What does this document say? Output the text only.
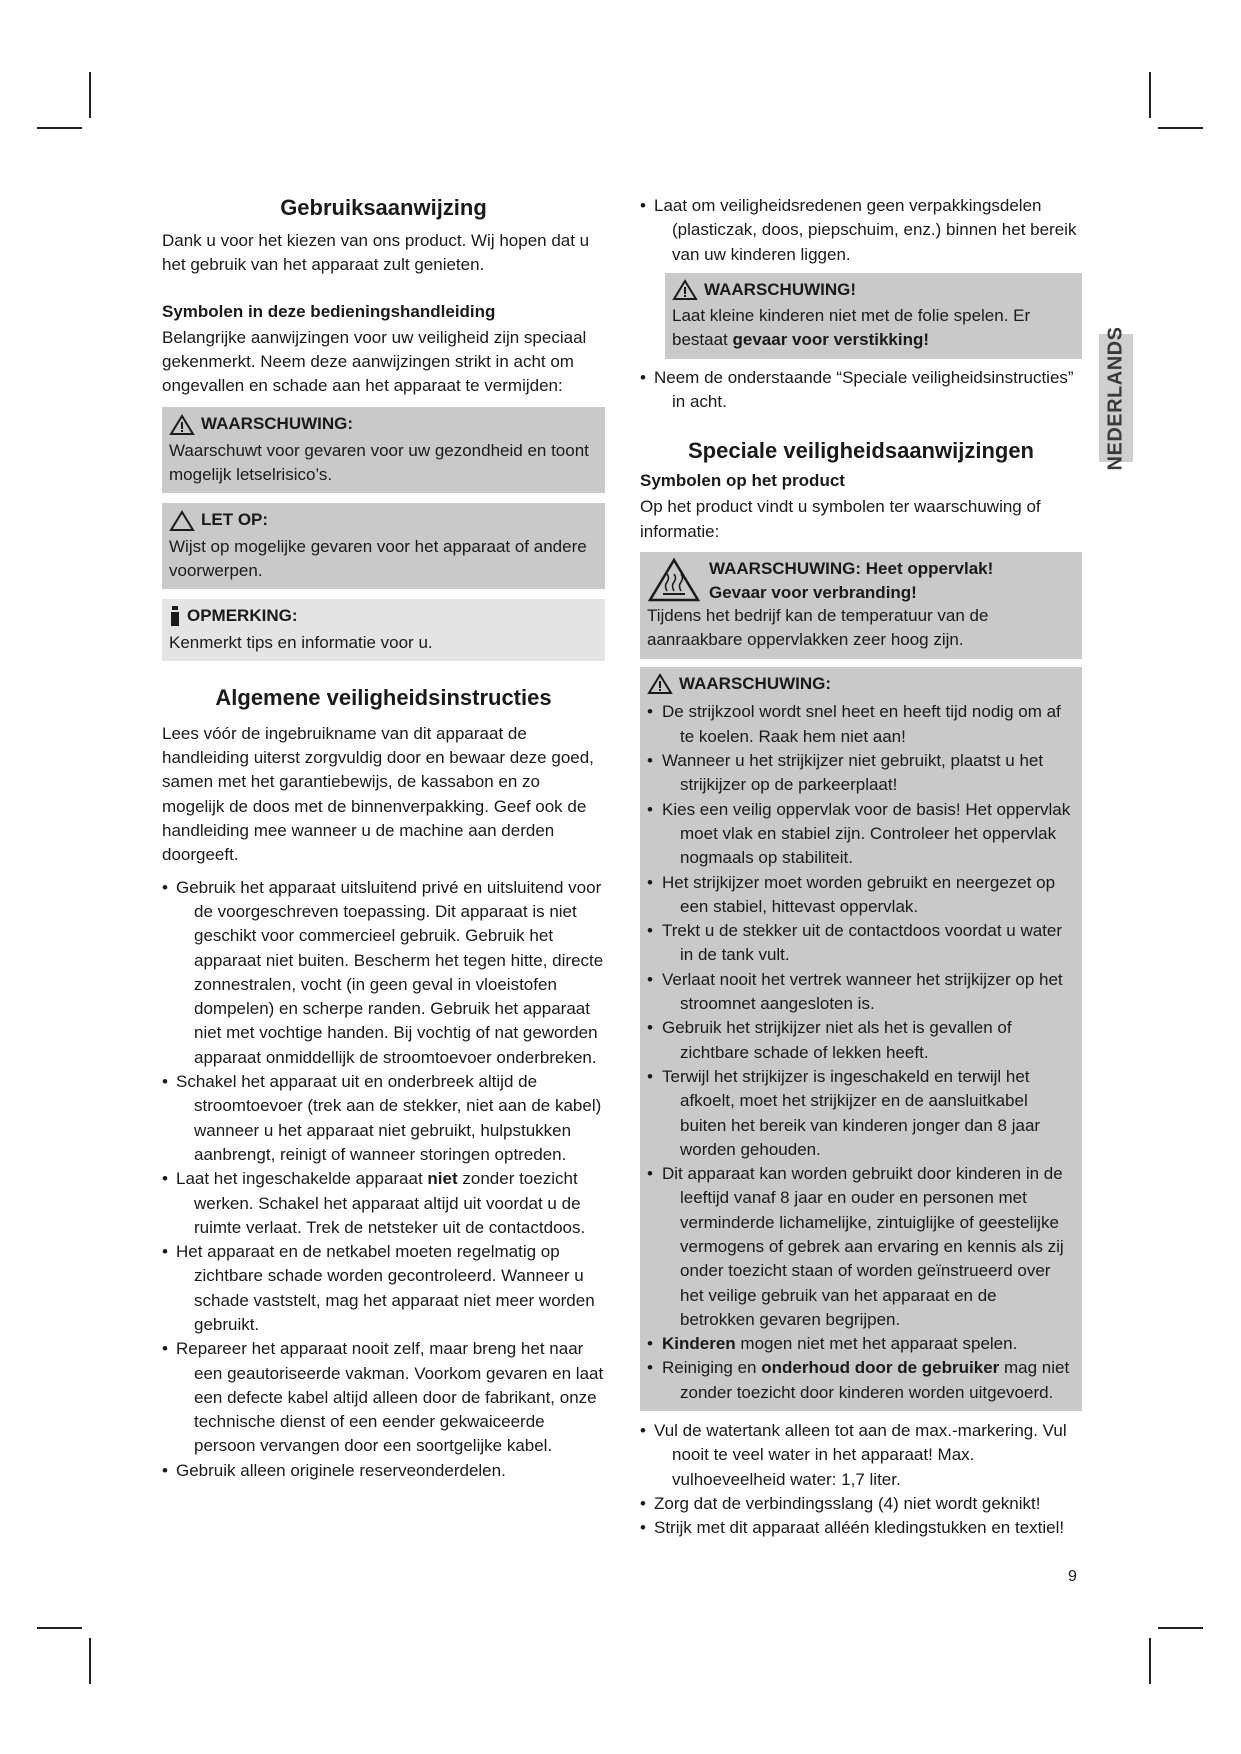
Gebruiksaanwijzing

Dank u voor het kiezen van ons product. Wij hopen dat u het gebruik van het apparaat zult genieten.

Symbolen in deze bedieningshandleiding

Belangrijke aanwijzingen voor uw veiligheid zijn speciaal gekenmerkt. Neem deze aanwijzingen strikt in acht om ongevallen en schade aan het apparaat te vermijden:

WAARSCHUWING:

Waarschuwt voor gevaren voor uw gezondheid en toont mogelijk letselrisico’s.

LET OP:

Wijst op mogelijke gevaren voor het apparaat of andere voorwerpen.

OPMERKING:

Kenmerkt tips en informatie voor u.

Algemene veiligheidsinstructies

Lees vóór de ingebruikname van dit apparaat de handleiding uiterst zorgvuldig door en bewaar deze goed, samen met het garantiebewijs, de kassabon en zo mogelijk de doos met de binnenverpakking. Geef ook de handleiding mee wanneer u de machine aan derden doorgeeft.

• Gebruik het apparaat uitsluitend privé en uitsluitend voor de voorgeschreven toepassing. Dit apparaat is niet geschikt voor commercieel gebruik. Gebruik het apparaat niet buiten. Bescherm het tegen hitte, directe zonnestralen, vocht (in geen geval in vloeistofen dompelen) en scherpe randen. Gebruik het apparaat niet met vochtige handen. Bij vochtig of nat geworden apparaat onmiddellijk de stroomtoevoer onderbreken.
• Schakel het apparaat uit en onderbreek altijd de stroomtoevoer (trek aan de stekker, niet aan de kabel) wanneer u het apparaat niet gebruikt, hulpstukken aanbrengt, reinigt of wanneer storingen optreden.
• Laat het ingeschakelde apparaat niet zonder toezicht werken. Schakel het apparaat altijd uit voordat u de ruimte verlaat. Trek de netsteker uit de contactdoos.
• Het apparaat en de netkabel moeten regelmatig op zichtbare schade worden gecontroleerd. Wanneer u schade vaststelt, mag het apparaat niet meer worden gebruikt.
• Repareer het apparaat nooit zelf, maar breng het naar een geautoriseerde vakman. Voorkom gevaren en laat een defecte kabel altijd alleen door de fabrikant, onze technische dienst of een eender gekwaiceerde persoon vervangen door een soortgelijke kabel.
• Gebruik alleen originele reserveonderdelen.
• Laat om veiligheidsredenen geen verpakkingsdelen (plasticzak, doos, piepschuim, enz.) binnen het bereik van uw kinderen liggen.
WAARSCHUWING!

Laat kleine kinderen niet met de folie spelen. Er bestaat gevaar voor verstikking!

• Neem de onderstaande “Speciale veiligheidsinstructies” in acht.
Speciale veiligheidsaanwijzingen
Symbolen op het product

Op het product vindt u symbolen ter waarschuwing of informatie:

WAARSCHUWING: Heet oppervlak!
Gevaar voor verbranding!

Tijdens het bedrijf kan de temperatuur van de aanraakbare oppervlakken zeer hoog zijn.

WAARSCHUWING:
• De strijkzool wordt snel heet en heeft tijd nodig om af te koelen. Raak hem niet aan!
• Wanneer u het strijkijzer niet gebruikt, plaatst u het strijkijzer op de parkeerplaat!
• Kies een veilig oppervlak voor de basis! Het oppervlak moet vlak en stabiel zijn. Controleer het oppervlak nogmaals op stabiliteit.
• Het strijkijzer moet worden gebruikt en neergezet op een stabiel, hittevast oppervlak.
• Trekt u de stekker uit de contactdoos voordat u water in de tank vult.
• Verlaat nooit het vertrek wanneer het strijkijzer op het stroomnet aangesloten is.
• Gebruik het strijkijzer niet als het is gevallen of zichtbare schade of lekken heeft.
• Terwijl het strijkijzer is ingeschakeld en terwijl het afkoelt, moet het strijkijzer en de aansluitkabel buiten het bereik van kinderen jonger dan 8 jaar worden gehouden.
• Dit apparaat kan worden gebruikt door kinderen in de leeftijd vanaf 8 jaar en ouder en personen met verminderde lichamelijke, zintuiglijke of geestelijke vermogens of gebrek aan ervaring en kennis als zij onder toezicht staan of worden geïnstrueerd over het veilige gebruik van het apparaat en de betrokken gevaren begrijpen.
• Kinderen mogen niet met het apparaat spelen.
• Reiniging en onderhoud door de gebruiker mag niet zonder toezicht door kinderen worden uitgevoerd.
• Vul de watertank alleen tot aan de max.-markering. Vul nooit te veel water in het apparaat! Max. vulhoeveelheid water: 1,7 liter.
• Zorg dat de verbindingsslang (4) niet wordt geknikt!
• Strijk met dit apparaat alléén kledingstukken en textiel!
NEDERLANDS
9
